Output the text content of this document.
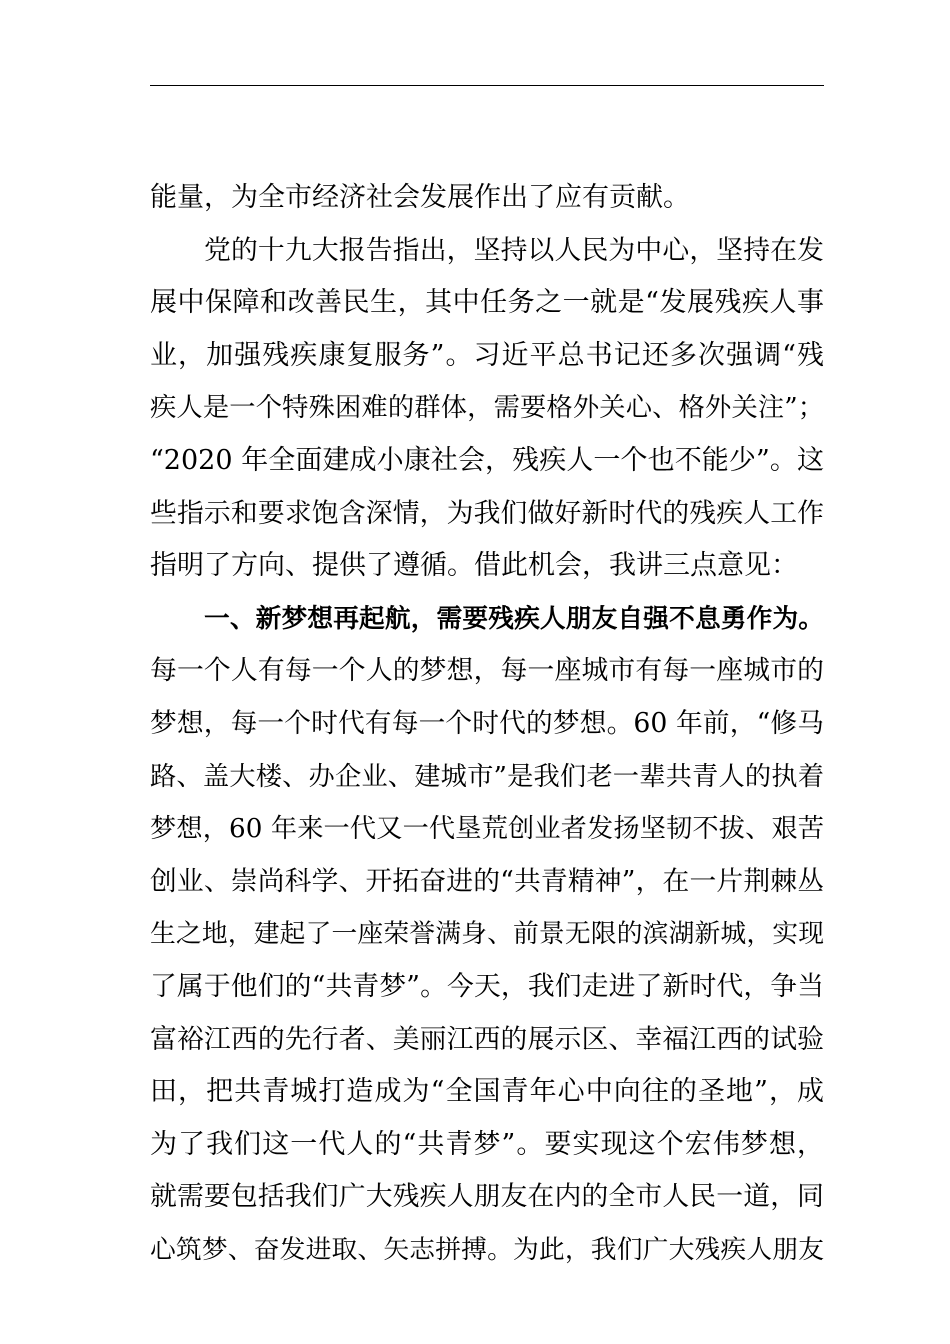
能量，为全市经济社会发展作出了应有贡献。
党的十九大报告指出，坚持以人民为中心，坚持在发
展中保障和改善民生，其中任务之一就是“发展残疾人事
业，加强残疾康复服务”。习近平总书记还多次强调“残
疾人是一个特殊困难的群体，需要格外关心、格外关注”；
“2020 年全面建成小康社会，残疾人一个也不能少”。这
些指示和要求饱含深情，为我们做好新时代的残疾人工作
指明了方向、提供了遵循。借此机会，我讲三点意见：
一、新梦想再起航，需要残疾人朋友自强不息勇作为。
每一个人有每一个人的梦想，每一座城市有每一座城市的
梦想，每一个时代有每一个时代的梦想。60 年前，“修马
路、盖大楼、办企业、建城市”是我们老一辈共青人的执着
梦想，60 年来一代又一代垦荒创业者发扬坚韧不拔、艰苦
创业、崇尚科学、开拓奋进的“共青精神”，在一片荆棘丛
生之地，建起了一座荣誉满身、前景无限的滨湖新城，实现
了属于他们的“共青梦”。今天，我们走进了新时代，争当
富裕江西的先行者、美丽江西的展示区、幸福江西的试验
田，把共青城打造成为“全国青年心中向往的圣地”，成
为了我们这一代人的“共青梦”。要实现这个宏伟梦想，
就需要包括我们广大残疾人朋友在内的全市人民一道，同
心筑梦、奋发进取、矢志拼搏。为此，我们广大残疾人朋友
